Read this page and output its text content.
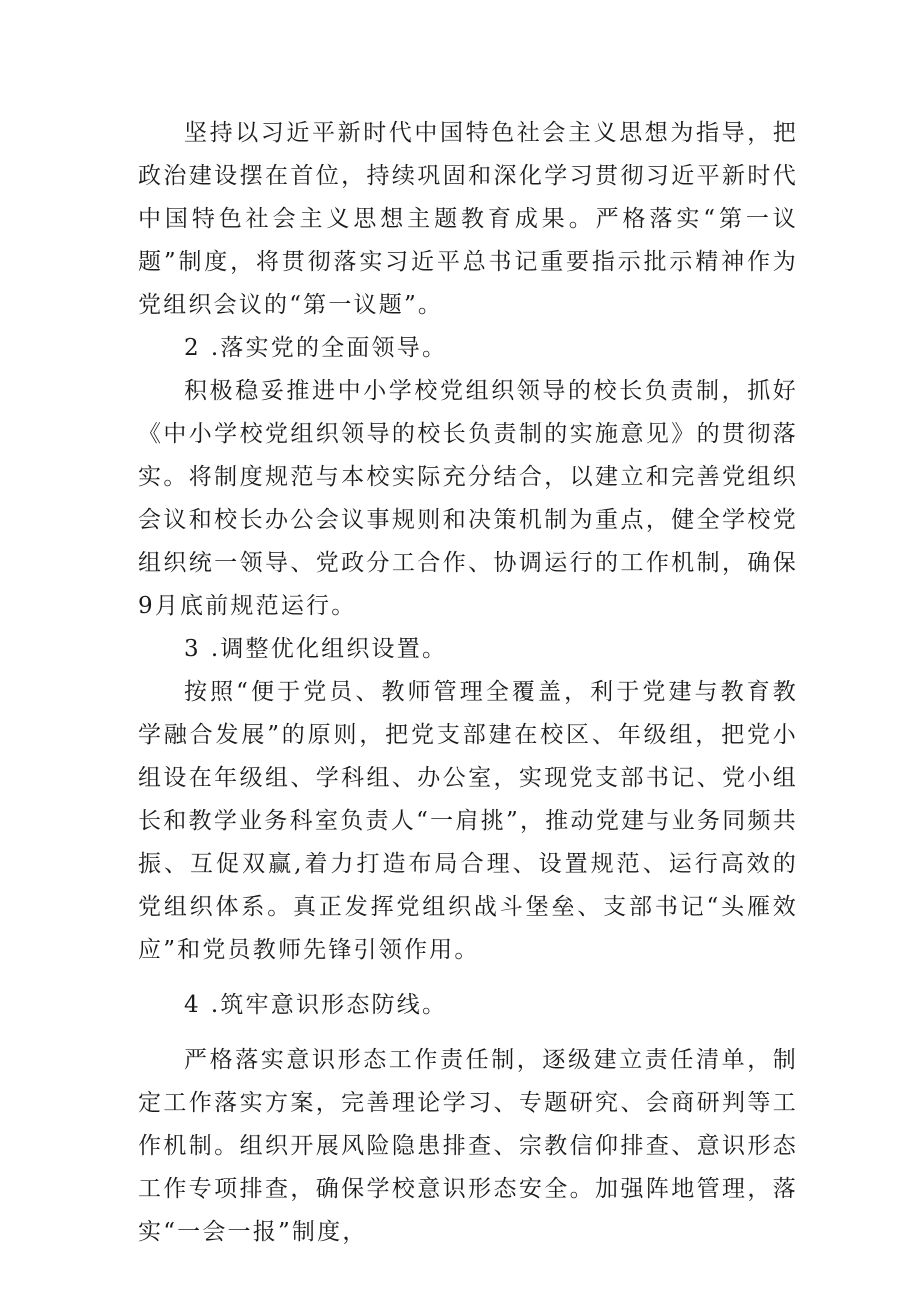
坚持以习近平新时代中国特色社会主义思想为指导，把政治建设摆在首位，持续巩固和深化学习贯彻习近平新时代中国特色社会主义思想主题教育成果。严格落实“第一议题”制度，将贯彻落实习近平总书记重要指示批示精神作为党组织会议的“第一议题”。

2 .落实党的全面领导。

积极稳妥推进中小学校党组织领导的校长负责制，抓好《中小学校党组织领导的校长负责制的实施意见》的贯彻落实。将制度规范与本校实际充分结合，以建立和完善党组织会议和校长办公会议事规则和决策机制为重点，健全学校党组织统一领导、党政分工合作、协调运行的工作机制，确保9月底前规范运行。

3 .调整优化组织设置。

按照“便于党员、教师管理全覆盖，利于党建与教育教学融合发展”的原则，把党支部建在校区、年级组，把党小组设在年级组、学科组、办公室，实现党支部书记、党小组长和教学业务科室负责人“一肩挑”，推动党建与业务同频共振、互促双赢,着力打造布局合理、设置规范、运行高效的党组织体系。真正发挥党组织战斗堡垒、支部书记“头雁效应”和党员教师先锋引领作用。

4 .筑牢意识形态防线。

严格落实意识形态工作责任制，逐级建立责任清单，制定工作落实方案，完善理论学习、专题研究、会商研判等工作机制。组织开展风险隐患排查、宗教信仰排查、意识形态工作专项排查，确保学校意识形态安全。加强阵地管理，落实“一会一报”制度，
